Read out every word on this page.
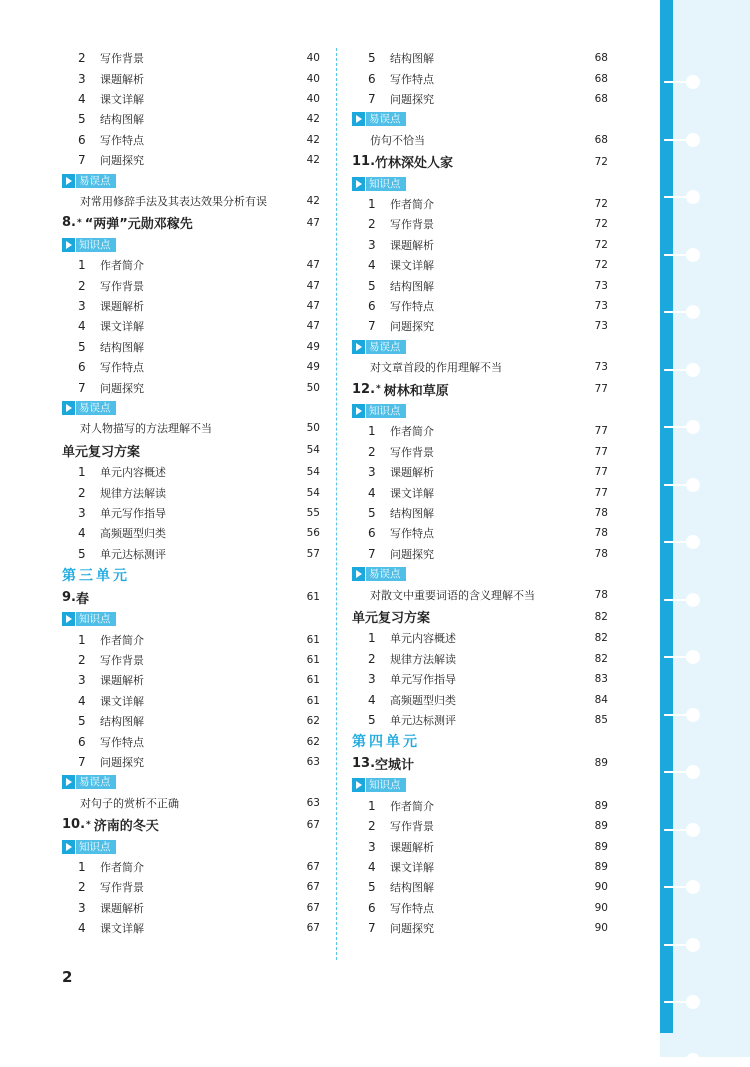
2	写作背景	40
3	课题解析	40
4	课文详解	40
5	结构图解	42
6	写作特点	42
7	问题探究	42
易误点
对常用修辞手法及其表达效果分析有误	42
8. * “两弹”元勋邓稼先	47
知识点
1	作者简介	47
2	写作背景	47
3	课题解析	47
4	课文详解	47
5	结构图解	49
6	写作特点	49
7	问题探究	50
易误点
对人物描写的方法理解不当	50
单元复习方案	54
1	单元内容概述	54
2	规律方法解读	54
3	单元写作指导	55
4	高频题型归类	56
5	单元达标测评	57
第三单元
9. 春	61
知识点
1	作者简介	61
2	写作背景	61
3	课题解析	61
4	课文详解	61
5	结构图解	62
6	写作特点	62
7	问题探究	63
易误点
对句子的赏析不正确	63
10. * 济南的冬天	67
知识点
1	作者简介	67
2	写作背景	67
3	课题解析	67
4	课文详解	67
5	结构图解	68
6	写作特点	68
7	问题探究	68
易误点
仿句不恰当	68
11. 竹林深处人家	72
知识点
1	作者简介	72
2	写作背景	72
3	课题解析	72
4	课文详解	72
5	结构图解	73
6	写作特点	73
7	问题探究	73
易误点
对文章首段的作用理解不当	73
12. * 树林和草原	77
知识点
1	作者简介	77
2	写作背景	77
3	课题解析	77
4	课文详解	77
5	结构图解	78
6	写作特点	78
7	问题探究	78
易误点
对散文中重要词语的含义理解不当	78
单元复习方案	82
1	单元内容概述	82
2	规律方法解读	82
3	单元写作指导	83
4	高频题型归类	84
5	单元达标测评	85
第四单元
13. 空城计	89
知识点
1	作者简介	89
2	写作背景	89
3	课题解析	89
4	课文详解	89
5	结构图解	90
6	写作特点	90
7	问题探究	90
2
